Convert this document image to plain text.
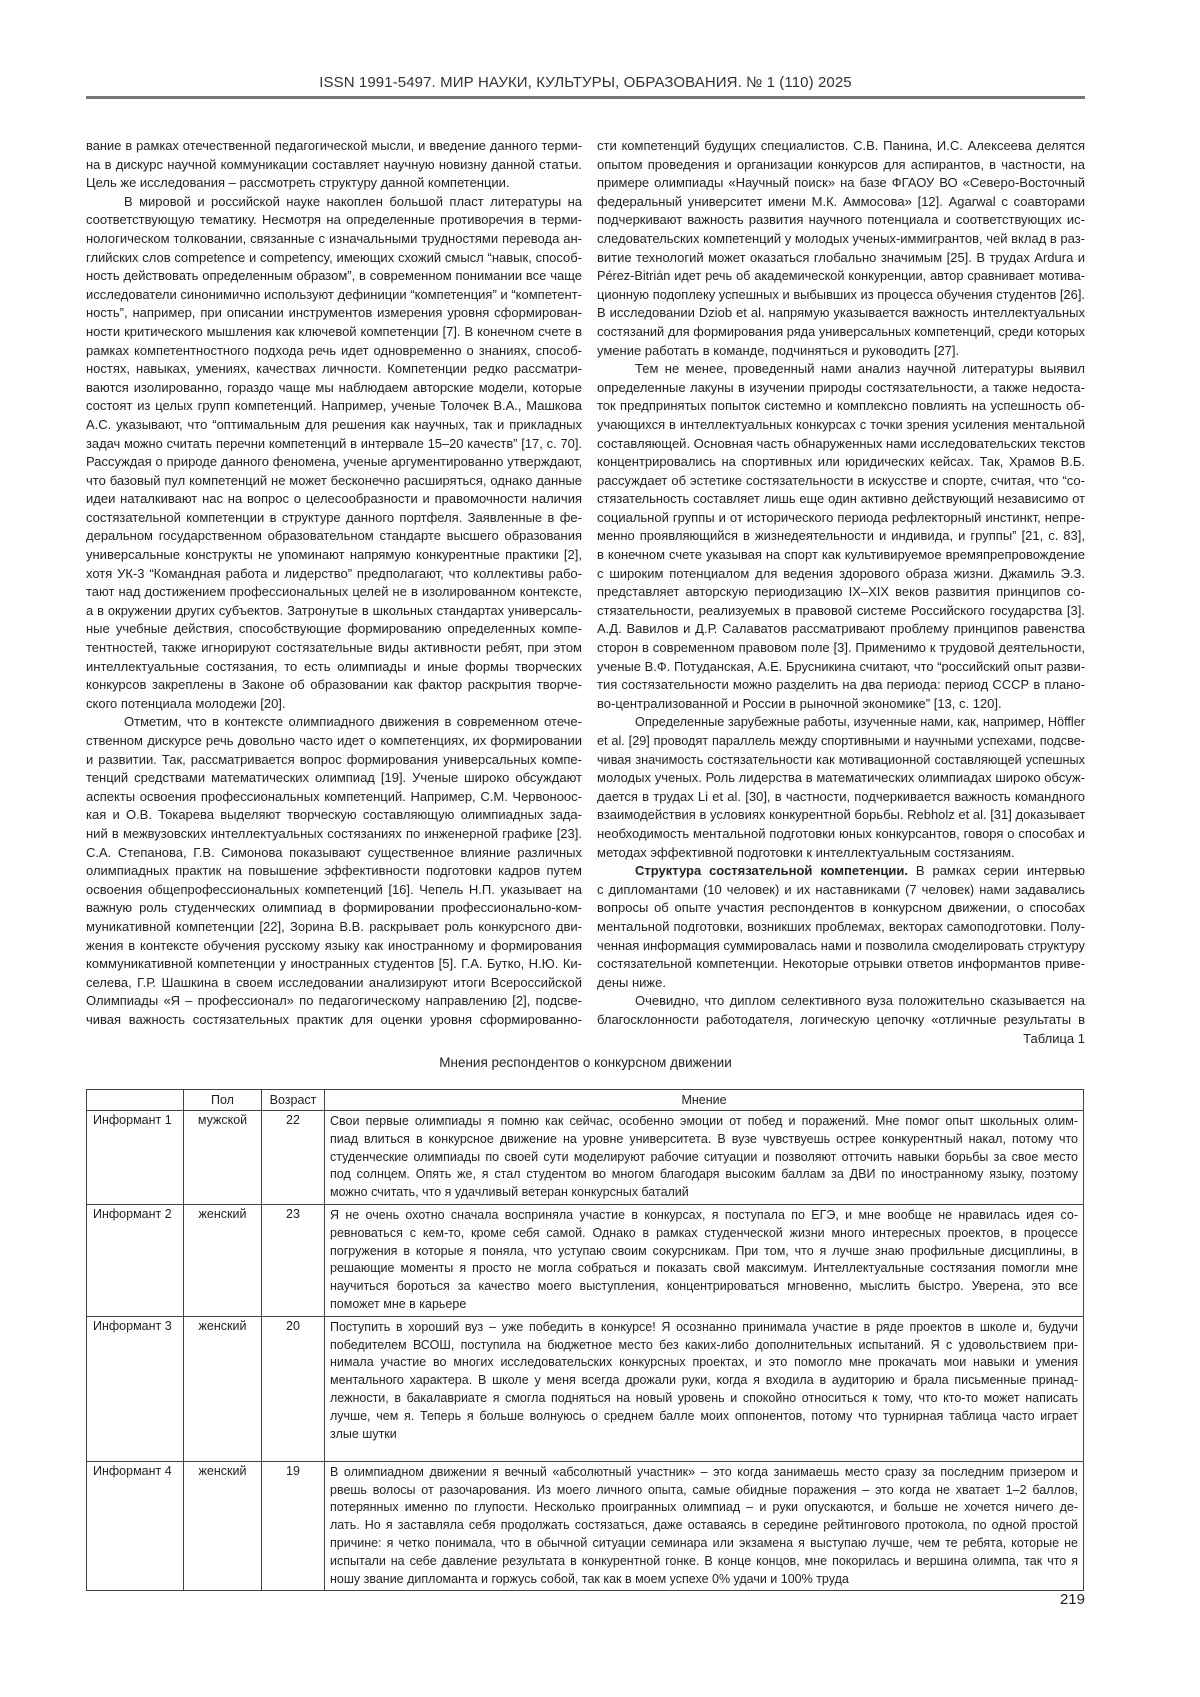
ISSN 1991-5497. МИР НАУКИ, КУЛЬТУРЫ, ОБРАЗОВАНИЯ. № 1 (110) 2025
вание в рамках отечественной педагогической мысли, и введение данного терми-
на в дискурс научной коммуникации составляет научную новизну данной статьи.
Цель же исследования – рассмотреть структуру данной компетенции.
В мировой и российской науке накоплен большой пласт литературы на
соответствующую тематику. Несмотря на определенные противоречия в терми-
нологическом толковании, связанные с изначальными трудностями перевода ан-
глийских слов competence и competency, имеющих схожий смысл “навык, способ-
ность действовать определенным образом”, в современном понимании все чаще
исследователи синонимично используют дефиниции “компетенция” и “компетент-
ность”, например, при описании инструментов измерения уровня сформирован-
ности критического мышления как ключевой компетенции [7]. В конечном счете в
рамках компетентностного подхода речь идет одновременно о знаниях, способ-
ностях, навыках, умениях, качествах личности. Компетенции редко рассматри-
ваются изолированно, гораздо чаще мы наблюдаем авторские модели, которые
состоят из целых групп компетенций. Например, ученые Толочек В.А., Машкова
А.С. указывают, что “оптимальным для решения как научных, так и прикладных
задач можно считать перечни компетенций в интервале 15–20 качеств” [17, с. 70].
Рассуждая о природе данного феномена, ученые аргументированно утверждают,
что базовый пул компетенций не может бесконечно расширяться, однако данные
идеи наталкивают нас на вопрос о целесообразности и правомочности наличия
состязательной компетенции в структуре данного портфеля. Заявленные в фе-
деральном государственном образовательном стандарте высшего образования
универсальные конструкты не упоминают напрямую конкурентные практики [2],
хотя УК-3 “Командная работа и лидерство” предполагают, что коллективы рабо-
тают над достижением профессиональных целей не в изолированном контексте,
а в окружении других субъектов. Затронутые в школьных стандартах универсаль-
ные учебные действия, способствующие формированию определенных компе-
тентностей, также игнорируют состязательные виды активности ребят, при этом
интеллектуальные состязания, то есть олимпиады и иные формы творческих
конкурсов закреплены в Законе об образовании как фактор раскрытия творче-
ского потенциала молодежи [20].
Отметим, что в контексте олимпиадного движения в современном отече-
ственном дискурсе речь довольно часто идет о компетенциях, их формировании
и развитии. Так, рассматривается вопрос формирования универсальных компе-
тенций средствами математических олимпиад [19]. Ученые широко обсуждают
аспекты освоения профессиональных компетенций. Например, С.М. Червоноос-
кая и О.В. Токарева выделяют творческую составляющую олимпиадных зада-
ний в межвузовских интеллектуальных состязаниях по инженерной графике [23].
С.А. Степанова, Г.В. Симонова показывают существенное влияние различных
олимпиадных практик на повышение эффективности подготовки кадров путем
освоения общепрофессиональных компетенций [16]. Чепель Н.П. указывает на
важную роль студенческих олимпиад в формировании профессионально-ком-
муникативной компетенции [22], Зорина В.В. раскрывает роль конкурсного дви-
жения в контексте обучения русскому языку как иностранному и формирования
коммуникативной компетенции у иностранных студентов [5]. Г.А. Бутко, Н.Ю. Ки-
селева, Г.Р. Шашкина в своем исследовании анализируют итоги Всероссийской
Олимпиады «Я – профессионал» по педагогическому направлению [2], подсве-
чивая важность состязательных практик для оценки уровня сформированно-
сти компетенций будущих специалистов. С.В. Панина, И.С. Алексеева делятся
опытом проведения и организации конкурсов для аспирантов, в частности, на
примере олимпиады «Научный поиск» на базе ФГАОУ ВО «Северо-Восточный
федеральный университет имени М.К. Аммосова» [12]. Agarwal с соавторами
подчеркивают важность развития научного потенциала и соответствующих ис-
следовательских компетенций у молодых ученых-иммигрантов, чей вклад в раз-
витие технологий может оказаться глобально значимым [25]. В трудах Ardura и
Pérez-Bitrián идет речь об академической конкуренции, автор сравнивает мотива-
ционную подоплеку успешных и выбывших из процесса обучения студентов [26].
В исследовании Dziob et al. напрямую указывается важность интеллектуальных
состязаний для формирования ряда универсальных компетенций, среди которых
умение работать в команде, подчиняться и руководить [27].
Тем не менее, проведенный нами анализ научной литературы выявил
определенные лакуны в изучении природы состязательности, а также недоста-
ток предпринятых попыток системно и комплексно повлиять на успешность об-
учающихся в интеллектуальных конкурсах с точки зрения усиления ментальной
составляющей. Основная часть обнаруженных нами исследовательских текстов
концентрировались на спортивных или юридических кейсах. Так, Храмов В.Б.
рассуждает об эстетике состязательности в искусстве и спорте, считая, что “со-
стязательность составляет лишь еще один активно действующий независимо от
социальной группы и от исторического периода рефлекторный инстинкт, непре-
менно проявляющийся в жизнедеятельности и индивида, и группы” [21, с. 83],
в конечном счете указывая на спорт как культивируемое времяпрепровождение
с широким потенциалом для ведения здорового образа жизни. Джамиль Э.З.
представляет авторскую периодизацию IX–XIX веков развития принципов со-
стязательности, реализуемых в правовой системе Российского государства [3].
А.Д. Вавилов и Д.Р. Салаватов рассматривают проблему принципов равенства
сторон в современном правовом поле [3]. Применимо к трудовой деятельности,
ученые В.Ф. Потуданская, А.Е. Брусникина считают, что “российский опыт разви-
тия состязательности можно разделить на два периода: период СССР в плано-
во-централизованной и России в рыночной экономике” [13, с. 120].
Определенные зарубежные работы, изученные нами, как, например, Höffler
et al. [29] проводят параллель между спортивными и научными успехами, подсве-
чивая значимость состязательности как мотивационной составляющей успешных
молодых ученых. Роль лидерства в математических олимпиадах широко обсуж-
дается в трудах Li et al. [30], в частности, подчеркивается важность командного
взаимодействия в условиях конкурентной борьбы. Rebholz et al. [31] доказывает
необходимость ментальной подготовки юных конкурсантов, говоря о способах и
методах эффективной подготовки к интеллектуальным состязаниям.
Структура состязательной компетенции. В рамках серии интервью
с дипломантами (10 человек) и их наставниками (7 человек) нами задавались
вопросы об опыте участия респондентов в конкурсном движении, о способах
ментальной подготовки, возникших проблемах, векторах самоподготовки. Полу-
ченная информация суммировалась нами и позволила смоделировать структуру
состязательной компетенции. Некоторые отрывки ответов информантов приве-
дены ниже.
Очевидно, что диплом селективного вуза положительно сказывается на
благосклонности работодателя, логическую цепочку «отличные результаты в
Таблица 1
Мнения респондентов о конкурсном движении
	Пол	Возраст	Мнение
Информант 1	мужской	22	Свои первые олимпиады я помню как сейчас, особенно эмоции от побед и поражений. Мне помог опыт школьных олим-
пиад влиться в конкурсное движение на уровне университета. В вузе чувствуешь острее конкурентный накал, потому что
студенческие олимпиады по своей сути моделируют рабочие ситуации и позволяют отточить навыки борьбы за свое место
под солнцем. Опять же, я стал студентом во многом благодаря высоким баллам за ДВИ по иностранному языку, поэтому
можно считать, что я удачливый ветеран конкурсных баталий

Информант 2	женский	23	Я не очень охотно сначала восприняла участие в конкурсах, я поступала по ЕГЭ, и мне вообще не нравилась идея со-
ревноваться с кем-то, кроме себя самой. Однако в рамках студенческой жизни много интересных проектов, в процессе
погружения в которые я поняла, что уступаю своим сокурсникам. При том, что я лучше знаю профильные дисциплины, в
решающие моменты я просто не могла собраться и показать свой максимум. Интеллектуальные состязания помогли мне
научиться бороться за качество моего выступления, концентрироваться мгновенно, мыслить быстро. Уверена, это все
поможет мне в карьере

Информант 3	женский	20	Поступить в хороший вуз – уже победить в конкурсе! Я осознанно принимала участие в ряде проектов в школе и, будучи
победителем ВСОШ, поступила на бюджетное место без каких-либо дополнительных испытаний. Я с удовольствием при-
нимала участие во многих исследовательских конкурсных проектах, и это помогло мне прокачать мои навыки и умения
ментального характера. В школе у меня всегда дрожали руки, когда я входила в аудиторию и брала письменные принад-
лежности, в бакалавриате я смогла подняться на новый уровень и спокойно относиться к тому, что кто-то может написать
лучше, чем я. Теперь я больше волнуюсь о среднем балле моих оппонентов, потому что турнирная таблица часто играет
злые шутки

Информант 4	женский	19	В олимпиадном движении я вечный «абсолютный участник» – это когда занимаешь место сразу за последним призером и
рвешь волосы от разочарования. Из моего личного опыта, самые обидные поражения – это когда не хватает 1–2 баллов,
потерянных именно по глупости. Несколько проигранных олимпиад – и руки опускаются, и больше не хочется ничего де-
лать. Но я заставляла себя продолжать состязаться, даже оставаясь в середине рейтингового протокола, по одной простой
причине: я четко понимала, что в обычной ситуации семинара или экзамена я выступаю лучше, чем те ребята, которые не
испытали на себе давление результата в конкурентной гонке. В конце концов, мне покорилась и вершина олимпа, так что я
ношу звание дипломанта и горжусь собой, так как в моем успехе 0% удачи и 100% труда
219
